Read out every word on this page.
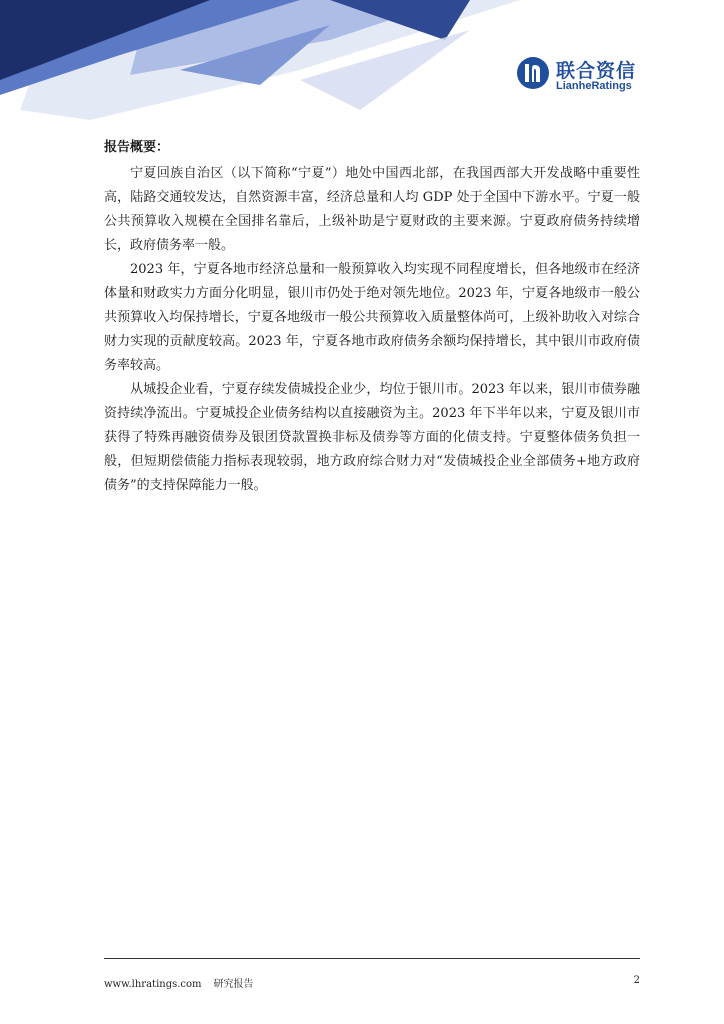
联合资信
LianheRatings
报告概要：

宁夏回族自治区（以下简称“宁夏”）地处中国西北部，在我国西部大开发战略中重要性高，陆路交通较发达，自然资源丰富，经济总量和人均 GDP 处于全国中下游水平。宁夏一般公共预算收入规模在全国排名靠后，上级补助是宁夏财政的主要来源。宁夏政府债务持续增长，政府债务率一般。

2023 年，宁夏各地市经济总量和一般预算收入均实现不同程度增长，但各地级市在经济体量和财政实力方面分化明显，银川市仍处于绝对领先地位。2023 年，宁夏各地级市一般公共预算收入均保持增长，宁夏各地级市一般公共预算收入质量整体尚可，上级补助收入对综合财力实现的贡献度较高。2023 年，宁夏各地市政府债务余额均保持增长，其中银川市政府债务率较高。

从城投企业看，宁夏存续发债城投企业少，均位于银川市。2023 年以来，银川市债券融资持续净流出。宁夏城投企业债务结构以直接融资为主。2023 年下半年以来，宁夏及银川市获得了特殊再融资债券及银团贷款置换非标及债券等方面的化债支持。宁夏整体债务负担一般，但短期偿债能力指标表现较弱，地方政府综合财力对“发债城投企业全部债务+地方政府债务”的支持保障能力一般。

www.lhratings.com 研究报告	2
